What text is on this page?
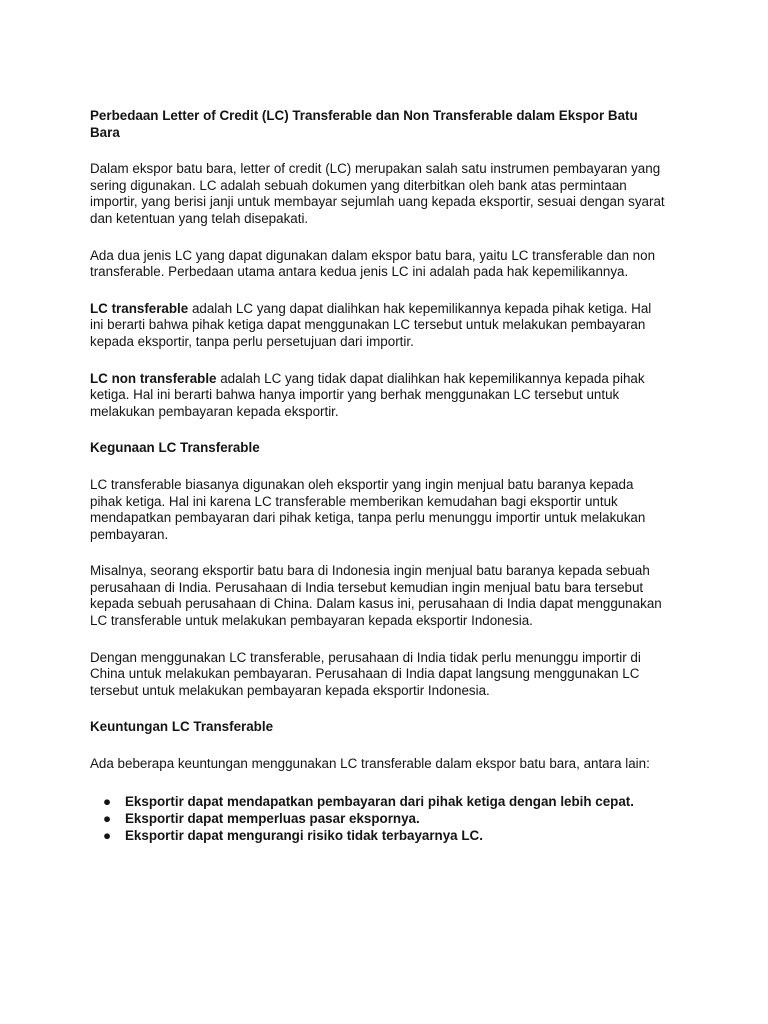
Perbedaan Letter of Credit (LC) Transferable dan Non Transferable dalam Ekspor Batu Bara

Dalam ekspor batu bara, letter of credit (LC) merupakan salah satu instrumen pembayaran yang sering digunakan. LC adalah sebuah dokumen yang diterbitkan oleh bank atas permintaan importir, yang berisi janji untuk membayar sejumlah uang kepada eksportir, sesuai dengan syarat dan ketentuan yang telah disepakati.

Ada dua jenis LC yang dapat digunakan dalam ekspor batu bara, yaitu LC transferable dan non transferable. Perbedaan utama antara kedua jenis LC ini adalah pada hak kepemilikannya.

LC transferable adalah LC yang dapat dialihkan hak kepemilikannya kepada pihak ketiga. Hal ini berarti bahwa pihak ketiga dapat menggunakan LC tersebut untuk melakukan pembayaran kepada eksportir, tanpa perlu persetujuan dari importir.

LC non transferable adalah LC yang tidak dapat dialihkan hak kepemilikannya kepada pihak ketiga. Hal ini berarti bahwa hanya importir yang berhak menggunakan LC tersebut untuk melakukan pembayaran kepada eksportir.

Kegunaan LC Transferable

LC transferable biasanya digunakan oleh eksportir yang ingin menjual batu baranya kepada pihak ketiga. Hal ini karena LC transferable memberikan kemudahan bagi eksportir untuk mendapatkan pembayaran dari pihak ketiga, tanpa perlu menunggu importir untuk melakukan pembayaran.

Misalnya, seorang eksportir batu bara di Indonesia ingin menjual batu baranya kepada sebuah perusahaan di India. Perusahaan di India tersebut kemudian ingin menjual batu bara tersebut kepada sebuah perusahaan di China. Dalam kasus ini, perusahaan di India dapat menggunakan LC transferable untuk melakukan pembayaran kepada eksportir Indonesia.

Dengan menggunakan LC transferable, perusahaan di India tidak perlu menunggu importir di China untuk melakukan pembayaran. Perusahaan di India dapat langsung menggunakan LC tersebut untuk melakukan pembayaran kepada eksportir Indonesia.

Keuntungan LC Transferable

Ada beberapa keuntungan menggunakan LC transferable dalam ekspor batu bara, antara lain:

● Eksportir dapat mendapatkan pembayaran dari pihak ketiga dengan lebih cepat.
● Eksportir dapat memperluas pasar ekspornya.
● Eksportir dapat mengurangi risiko tidak terbayarnya LC.
